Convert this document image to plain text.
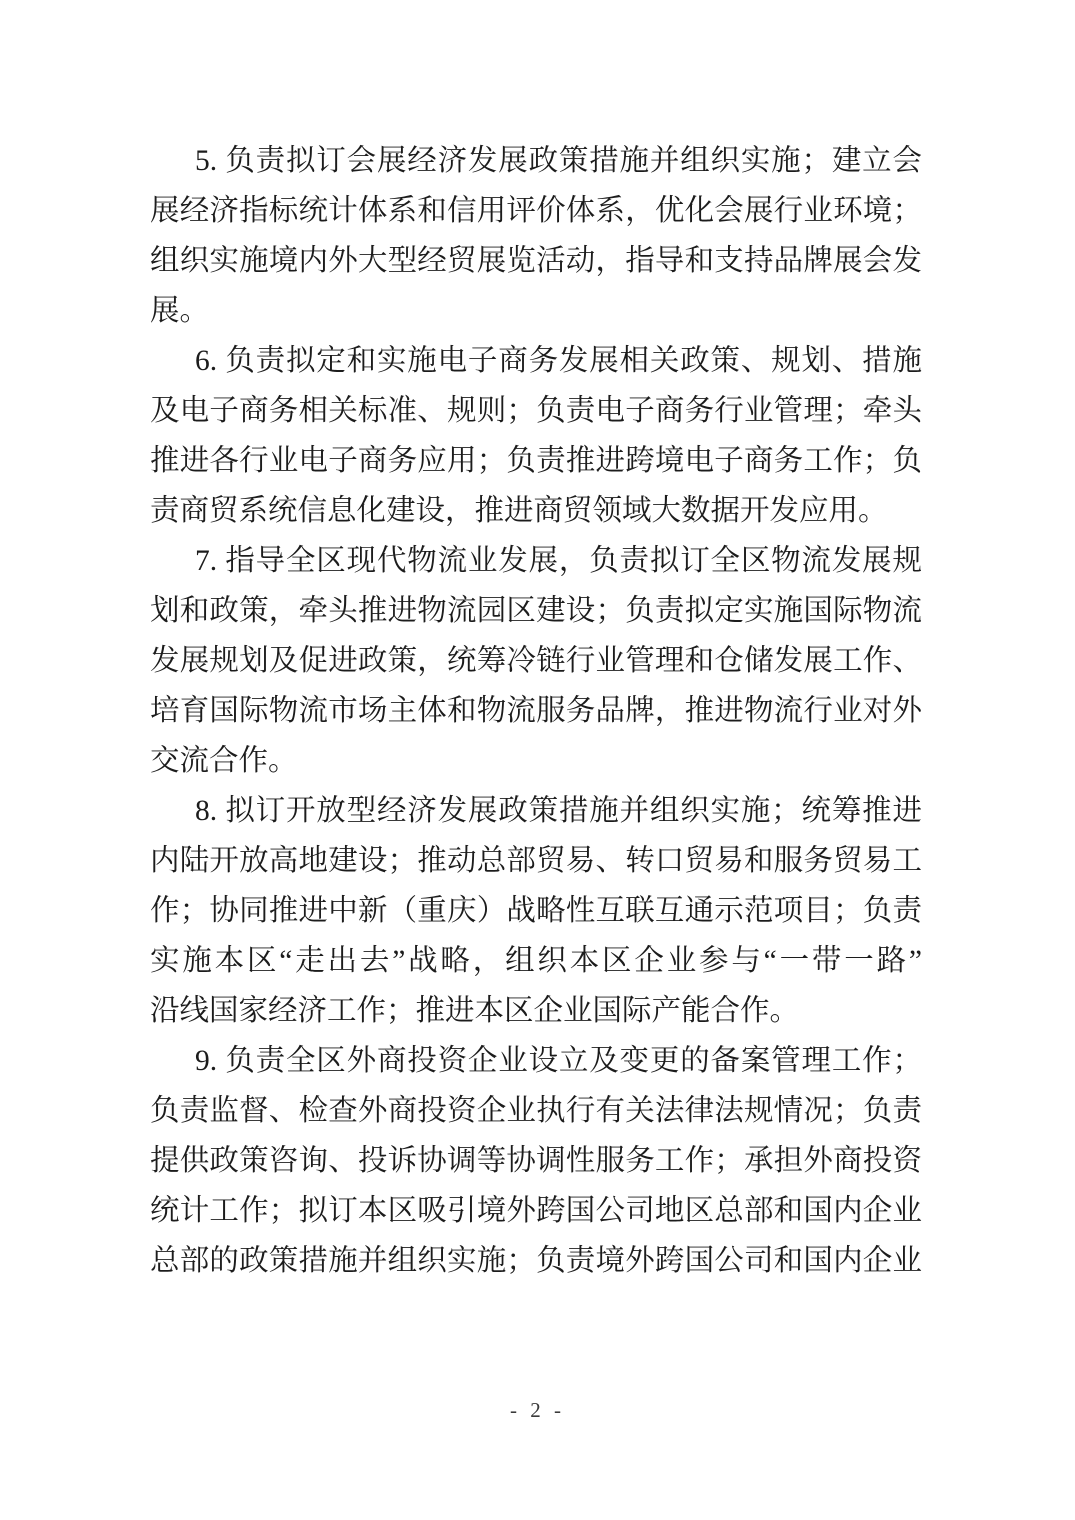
5. 负责拟订会展经济发展政策措施并组织实施；建立会
展经济指标统计体系和信用评价体系，优化会展行业环境；
组织实施境内外大型经贸展览活动，指导和支持品牌展会发
展。
6. 负责拟定和实施电子商务发展相关政策、规划、措施
及电子商务相关标准、规则；负责电子商务行业管理；牵头
推进各行业电子商务应用；负责推进跨境电子商务工作；负
责商贸系统信息化建设，推进商贸领域大数据开发应用。
7. 指导全区现代物流业发展，负责拟订全区物流发展规
划和政策，牵头推进物流园区建设；负责拟定实施国际物流
发展规划及促进政策，统筹冷链行业管理和仓储发展工作、
培育国际物流市场主体和物流服务品牌，推进物流行业对外
交流合作。
8. 拟订开放型经济发展政策措施并组织实施；统筹推进
内陆开放高地建设；推动总部贸易、转口贸易和服务贸易工
作；协同推进中新（重庆）战略性互联互通示范项目；负责
实施本区“走出去”战略，组织本区企业参与“一带一路”
沿线国家经济工作；推进本区企业国际产能合作。
9. 负责全区外商投资企业设立及变更的备案管理工作；
负责监督、检查外商投资企业执行有关法律法规情况；负责
提供政策咨询、投诉协调等协调性服务工作；承担外商投资
统计工作；拟订本区吸引境外跨国公司地区总部和国内企业
总部的政策措施并组织实施；负责境外跨国公司和国内企业
- 2 -
